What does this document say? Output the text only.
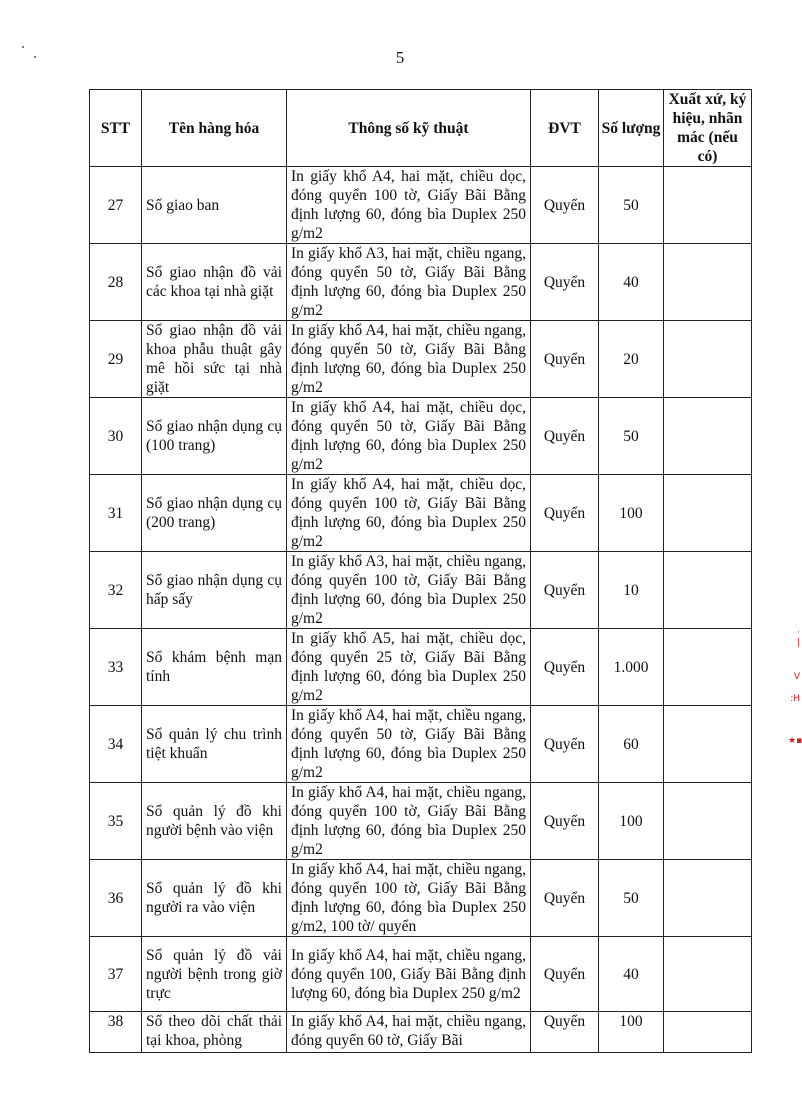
5
STT	Tên hàng hóa	Thông số kỹ thuật	ĐVT	Số lượng	Xuất xứ, ký hiệu, nhãn mác (nếu có)
27	Sổ giao ban	In giấy khổ A4, hai mặt, chiều dọc, đóng quyển 100 tờ, Giấy Bãi Bằng định lượng 60, đóng bìa Duplex 250 g/m2	Quyển	50	
28	Sổ giao nhận đồ vải các khoa tại nhà giặt	In giấy khổ A3, hai mặt, chiều ngang, đóng quyển 50 tờ, Giấy Bãi Bằng định lượng 60, đóng bìa Duplex 250 g/m2	Quyển	40	
29	Sổ giao nhận đồ vải khoa phẫu thuật gây mê hồi sức tại nhà giặt	In giấy khổ A4, hai mặt, chiều ngang, đóng quyển 50 tờ, Giấy Bãi Bằng định lượng 60, đóng bìa Duplex 250 g/m2	Quyển	20	
30	Sổ giao nhận dụng cụ (100 trang)	In giấy khổ A4, hai mặt, chiều dọc, đóng quyển 50 tờ, Giấy Bãi Bằng định lượng 60, đóng bìa Duplex 250 g/m2	Quyển	50	
31	Sổ giao nhận dụng cụ (200 trang)	In giấy khổ A4, hai mặt, chiều dọc, đóng quyển 100 tờ, Giấy Bãi Bằng định lượng 60, đóng bìa Duplex 250 g/m2	Quyển	100	
32	Sổ giao nhận dụng cụ hấp sấy	In giấy khổ A3, hai mặt, chiều ngang, đóng quyển 100 tờ, Giấy Bãi Bằng định lượng 60, đóng bìa Duplex 250 g/m2	Quyển	10	
33	Sổ khám bệnh mạn tính	In giấy khổ A5, hai mặt, chiều dọc, đóng quyển 25 tờ, Giấy Bãi Bằng định lượng 60, đóng bìa Duplex 250 g/m2	Quyển	1.000	
34	Sổ quản lý chu trình tiệt khuẩn	In giấy khổ A4, hai mặt, chiều ngang, đóng quyển 50 tờ, Giấy Bãi Bằng định lượng 60, đóng bìa Duplex 250 g/m2	Quyển	60	
35	Sổ quản lý đồ khi người bệnh vào viện	In giấy khổ A4, hai mặt, chiều ngang, đóng quyển 100 tờ, Giấy Bãi Bằng định lượng 60, đóng bìa Duplex 250 g/m2	Quyển	100	
36	Sổ quản lý đồ khi người ra vào viện	In giấy khổ A4, hai mặt, chiều ngang, đóng quyển 100 tờ, Giấy Bãi Bằng định lượng 60, đóng bìa Duplex 250 g/m2, 100 tờ/ quyển	Quyển	50	
37	Sổ quản lý đồ vải người bệnh trong giờ trực	In giấy khổ A4, hai mặt, chiều ngang, đóng quyển 100, Giấy Bãi Bằng định lượng 60, đóng bìa Duplex 250 g/m2	Quyển	40	
38	Sổ theo dõi chất thải tại khoa, phòng	In giấy khổ A4, hai mặt, chiều ngang, đóng quyển 60 tờ, Giấy Bãi	Quyển	100	
·
|
V
:H
★▪
